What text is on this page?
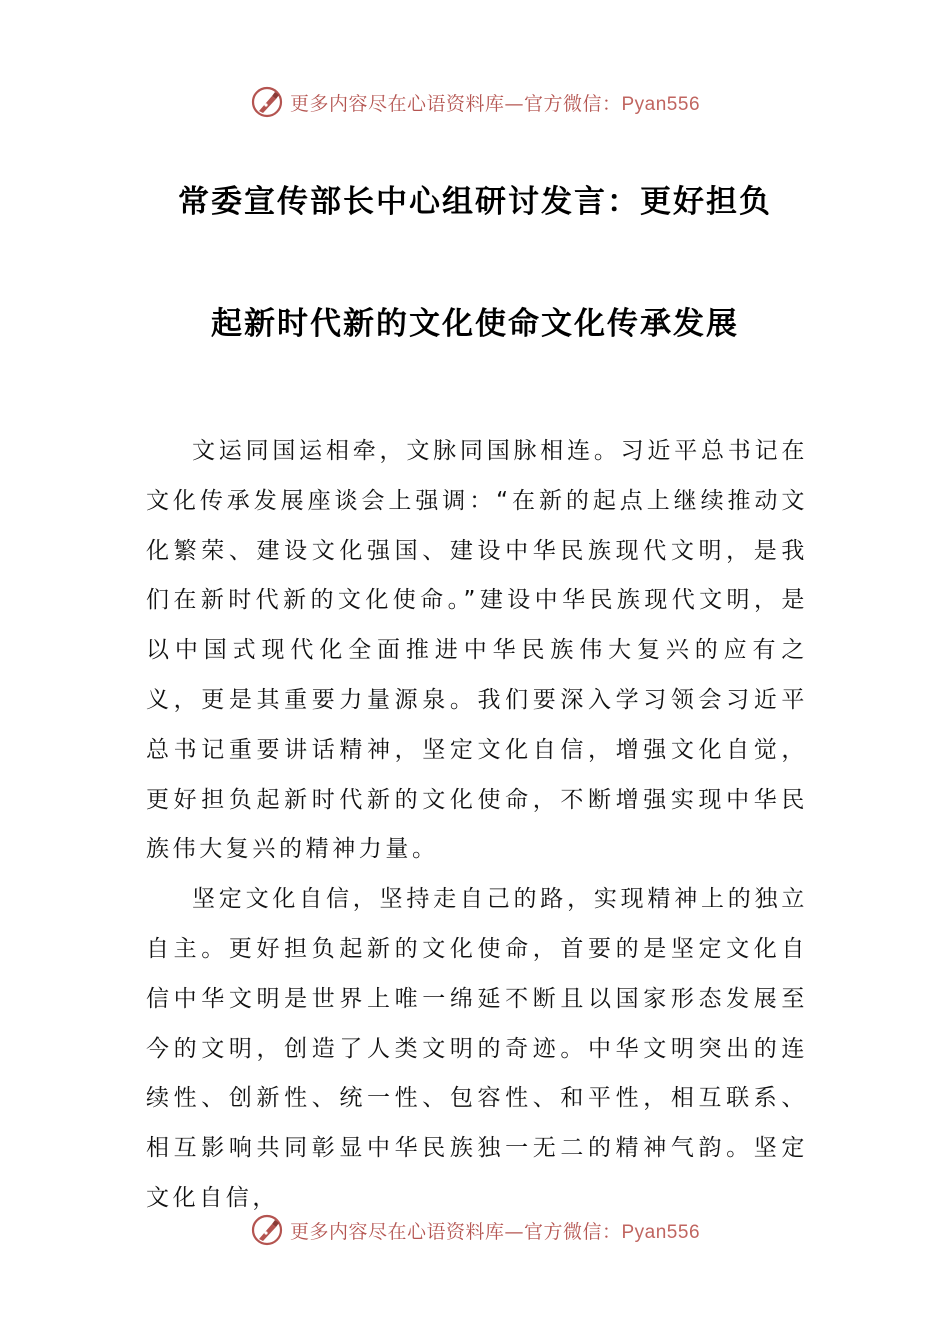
更多内容尽在心语资料库—官方微信：Pyan556
常委宣传部长中心组研讨发言：更好担负
起新时代新的文化使命文化传承发展

文运同国运相牵，文脉同国脉相连。习近平总书记在文化传承发展座谈会上强调：“在新的起点上继续推动文化繁荣、建设文化强国、建设中华民族现代文明，是我们在新时代新的文化使命。”建设中华民族现代文明，是以中国式现代化全面推进中华民族伟大复兴的应有之义，更是其重要力量源泉。我们要深入学习领会习近平总书记重要讲话精神，坚定文化自信，增强文化自觉，更好担负起新时代新的文化使命，不断增强实现中华民族伟大复兴的精神力量。

坚定文化自信，坚持走自己的路，实现精神上的独立自主。更好担负起新的文化使命，首要的是坚定文化自信中华文明是世界上唯一绵延不断且以国家形态发展至今的文明，创造了人类文明的奇迹。中华文明突出的连续性、创新性、统一性、包容性、和平性，相互联系、相互影响共同彰显中华民族独一无二的精神气韵。坚定文化自信，

更多内容尽在心语资料库—官方微信：Pyan556
